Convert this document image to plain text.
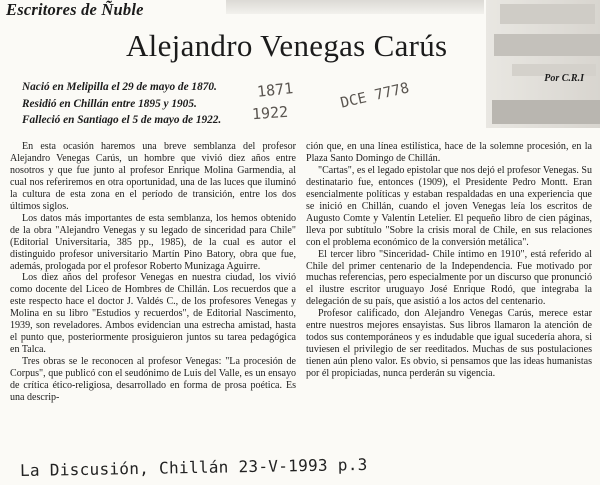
Escritores de Ñuble
Alejandro Venegas Carús
Por C.R.I
Nació en Melipilla el 29 de mayo de 1870.
Residió en Chillán entre 1895 y 1905.
Falleció en Santiago el 5 de mayo de 1922.
1871
1922
DCE 7778

En esta ocasión haremos una breve semblanza del profesor Alejandro Venegas Carús, un hombre que vivió diez años entre nosotros y que fue junto al profesor Enrique Molina Garmendia, al cual nos referiremos en otra oportunidad, una de las luces que iluminó la cultura de esta zona en el período de transición, entre los dos últimos siglos.

Los datos más importantes de esta semblanza, los hemos obtenido de la obra "Alejandro Venegas y su legado de sinceridad para Chile" (Editorial Universitaria, 385 pp., 1985), de la cual es autor el distinguido profesor universitario Martín Pino Batory, obra que fue, además, prologada por el profesor Roberto Munizaga Aguirre.

Los diez años del profesor Venegas en nuestra ciudad, los vivió como docente del Liceo de Hombres de Chillán. Los recuerdos que a este respecto hace el doctor J. Valdés C., de los profesores Venegas y Molina en su libro "Estudios y recuerdos", de Editorial Nascimento, 1939, son reveladores. Ambos evidencian una estrecha amistad, hasta el punto que, posteriormente prosiguieron juntos su tarea pedagógica en Talca.

Tres obras se le reconocen al profesor Venegas: "La procesión de Corpus", que publicó con el seudónimo de Luis del Valle, es un ensayo de crítica ético-religiosa, desarrollado en forma de prosa poética. Es una descrip-

ción que, en una línea estilística, hace de la solemne procesión, en la Plaza Santo Domingo de Chillán.

"Cartas", es el legado epistolar que nos dejó el profesor Venegas. Su destinatario fue, entonces (1909), el Presidente Pedro Montt. Eran esencialmente políticas y estaban respaldadas en una experiencia que se inició en Chillán, cuando el joven Venegas leía los escritos de Augusto Comte y Valentín Letelier. El pequeño libro de cien páginas, lleva por subtítulo "Sobre la crisis moral de Chile, en sus relaciones con el problema económico de la conversión metálica".

El tercer libro "Sinceridad- Chile íntimo en 1910", está referido al Chile del primer centenario de la Independencia. Fue motivado por muchas referencias, pero especialmente por un discurso que pronunció el ilustre escritor uruguayo José Enrique Rodó, que integraba la delegación de su país, que asistió a los actos del centenario.

Profesor calificado, don Alejandro Venegas Carús, merece estar entre nuestros mejores ensayistas. Sus libros llamaron la atención de todos sus contemporáneos y es indudable que igual sucedería ahora, si tuviesen el privilegio de ser reeditados. Muchas de sus postulaciones tienen aún pleno valor. Es obvio, si pensamos que las ideas humanistas por él propiciadas, nunca perderán su vigencia.

La Discusión, Chillán 23-V-1993 p.3
